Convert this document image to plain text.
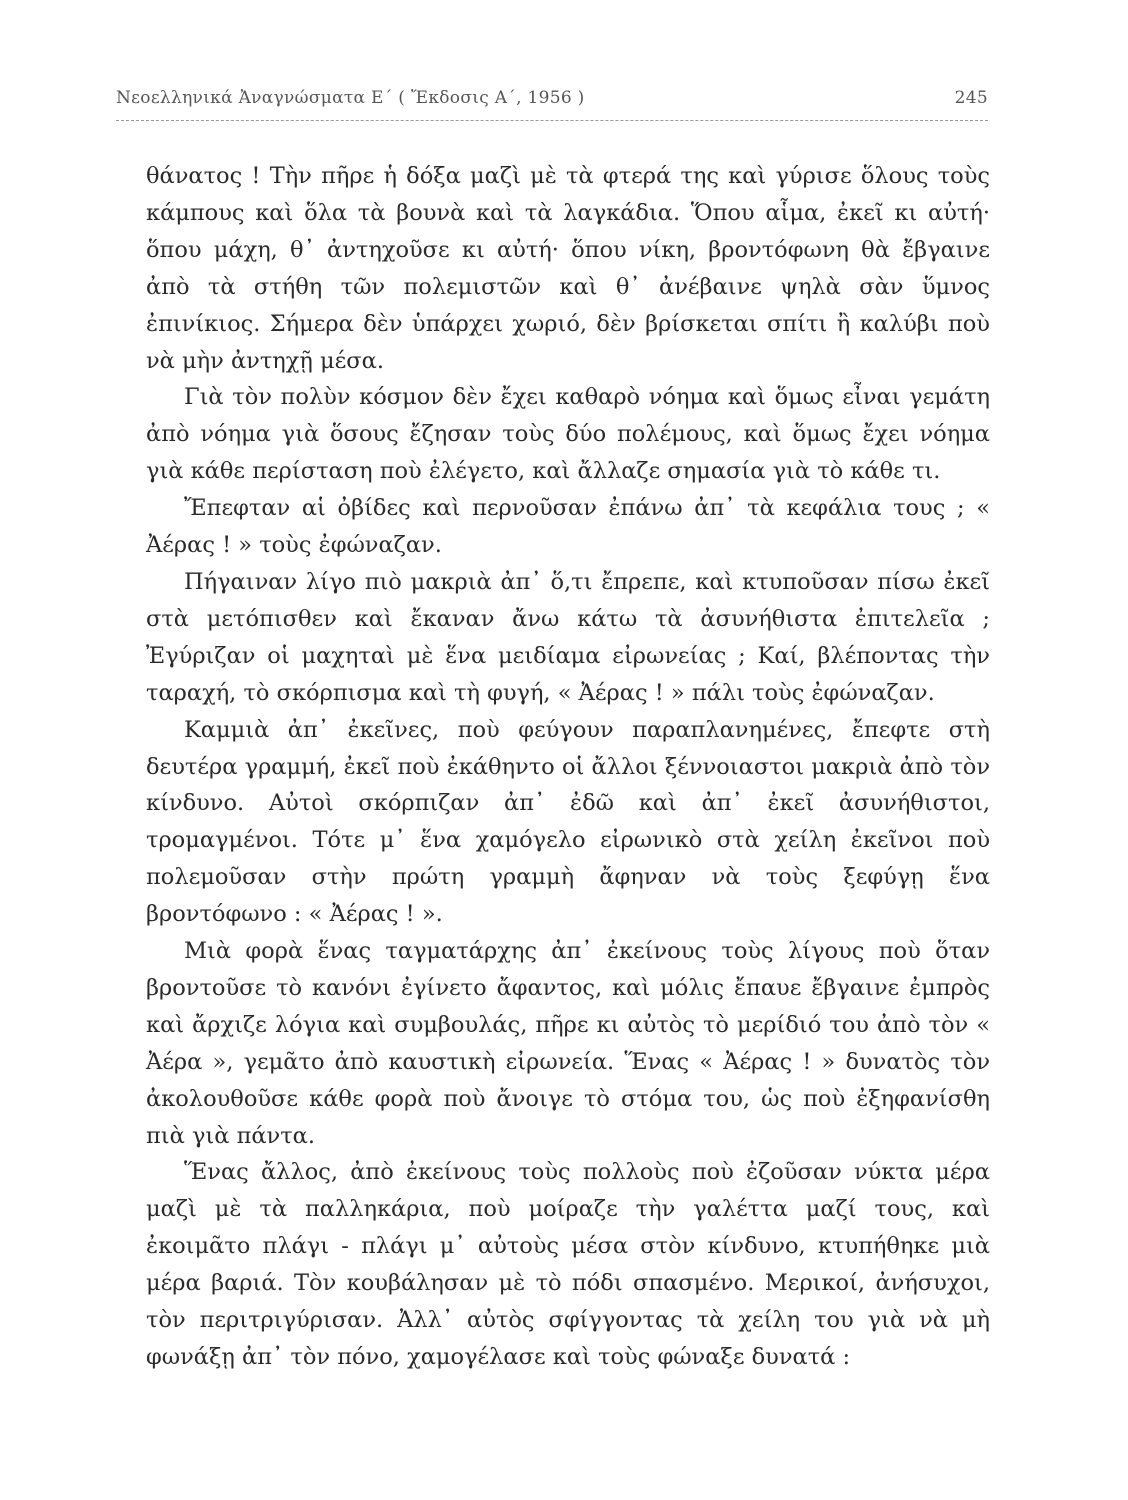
Νεοελληνικά Ἀναγνώσματα Ε΄ ( Ἔκδοσις Α΄, 1956 )	245

θάνατος ! Τὴν πῆρε ἡ δόξα μαζὶ μὲ τὰ φτερά της καὶ γύρισε ὅλους τοὺς κάμπους καὶ ὅλα τὰ βουνὰ καὶ τὰ λαγκάδια. Ὅπου αἷμα, ἐκεῖ κι αὐτή· ὅπου μάχη, θ᾽ ἀντηχοῦσε κι αὐτή· ὅπου νίκη, βροντόφωνη θὰ ἔβγαινε ἀπὸ τὰ στήθη τῶν πολεμιστῶν καὶ θ᾽ ἀνέβαινε ψηλὰ σὰν ὕμνος ἐπινίκιος. Σήμερα δὲν ὑπάρχει χωριό, δὲν βρίσκεται σπίτι ἢ καλύβι ποὺ νὰ μὴν ἀντηχῇ μέσα.

Γιὰ τὸν πολὺν κόσμον δὲν ἔχει καθαρὸ νόημα καὶ ὅμως εἶναι γεμάτη ἀπὸ νόημα γιὰ ὅσους ἔζησαν τοὺς δύο πολέμους, καὶ ὅμως ἔχει νόημα γιὰ κάθε περίσταση ποὺ ἐλέγετο, καὶ ἄλλαζε σημασία γιὰ τὸ κάθε τι.

Ἔπεφταν αἱ ὀβίδες καὶ περνοῦσαν ἐπάνω ἀπ᾽ τὰ κεφάλια τους ; « Ἀέρας ! » τοὺς ἐφώναζαν.

Πήγαιναν λίγο πιὸ μακριὰ ἀπ᾽ ὅ,τι ἔπρεπε, καὶ κτυποῦσαν πίσω ἐκεῖ στὰ μετόπισθεν καὶ ἔκαναν ἄνω κάτω τὰ ἀσυνήθιστα ἐπιτελεῖα ; Ἐγύριζαν οἱ μαχηταὶ μὲ ἕνα μειδίαμα εἰρωνείας ; Καί, βλέποντας τὴν ταραχή, τὸ σκόρπισμα καὶ τὴ φυγή, « Ἀέρας ! » πάλι τοὺς ἐφώναζαν.

Καμμιὰ ἀπ᾽ ἐκεῖνες, ποὺ φεύγουν παραπλανημένες, ἔπεφτε στὴ δευτέρα γραμμή, ἐκεῖ ποὺ ἐκάθηντο οἱ ἄλλοι ξέννοιαστοι μακριὰ ἀπὸ τὸν κίνδυνο. Αὐτοὶ σκόρπιζαν ἀπ᾽ ἐδῶ καὶ ἀπ᾽ ἐκεῖ ἀσυνήθιστοι, τρομαγμένοι. Τότε μ᾽ ἕνα χαμόγελο εἰρωνικὸ στὰ χείλη ἐκεῖνοι ποὺ πολεμοῦσαν στὴν πρώτη γραμμὴ ἄφηναν νὰ τοὺς ξεφύγῃ ἕνα βροντόφωνο : « Ἀέρας ! ».

Μιὰ φορὰ ἕνας ταγματάρχης ἀπ᾽ ἐκείνους τοὺς λίγους ποὺ ὅταν βροντοῦσε τὸ κανόνι ἐγίνετο ἄφαντος, καὶ μόλις ἔπαυε ἔβγαινε ἐμπρὸς καὶ ἄρχιζε λόγια καὶ συμβουλάς, πῆρε κι αὐτὸς τὸ μερίδιό του ἀπὸ τὸν « Ἀέρα », γεμᾶτο ἀπὸ καυστικὴ εἰρωνεία. Ἕνας « Ἀέρας ! » δυνατὸς τὸν ἀκολουθοῦσε κάθε φορὰ ποὺ ἄνοιγε τὸ στόμα του, ὡς ποὺ ἐξηφανίσθη πιὰ γιὰ πάντα.

Ἕνας ἄλλος, ἀπὸ ἐκείνους τοὺς πολλοὺς ποὺ ἐζοῦσαν νύκτα μέρα μαζὶ μὲ τὰ παλληκάρια, ποὺ μοίραζε τὴν γαλέττα μαζί τους, καὶ ἐκοιμᾶτο πλάγι - πλάγι μ᾽ αὐτοὺς μέσα στὸν κίνδυνο, κτυπήθηκε μιὰ μέρα βαριά. Τὸν κουβάλησαν μὲ τὸ πόδι σπασμένο. Μερικοί, ἀνήσυχοι, τὸν περιτριγύρισαν. Ἀλλ᾽ αὐτὸς σφίγγοντας τὰ χείλη του γιὰ νὰ μὴ φωνάξῃ ἀπ᾽ τὸν πόνο, χαμογέλασε καὶ τοὺς φώναξε δυνατά :
